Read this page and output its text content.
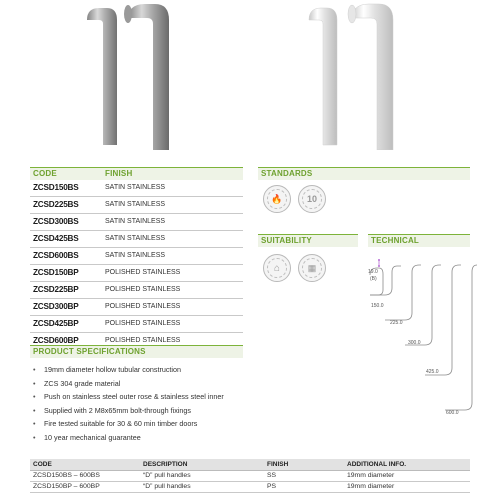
CODE	FINISH
ZCSD150BS	SATIN STAINLESS
ZCSD225BS	SATIN STAINLESS
ZCSD300BS	SATIN STAINLESS
ZCSD425BS	SATIN STAINLESS
ZCSD600BS	SATIN STAINLESS
ZCSD150BP	POLISHED STAINLESS
ZCSD225BP	POLISHED STAINLESS
ZCSD300BP	POLISHED STAINLESS
ZCSD425BP	POLISHED STAINLESS
ZCSD600BP	POLISHED STAINLESS
STANDARDS
🔥	10
SUITABILITY
⌂	▦
TECHNICAL
19.0
(B)
150.0
225.0
300.0
425.0
600.0
PRODUCT SPECIFICATIONS
• 19mm diameter hollow tubular construction
• ZCS 304 grade material
• Push on stainless steel outer rose & stainless steel inner
• Supplied with 2 M8x65mm bolt-through fixings
• Fire tested suitable for 30 & 60 min timber doors
• 10 year mechanical guarantee
CODE	DESCRIPTION	FINISH	ADDITIONAL INFO.
ZCSD150BS – 600BS	“D” pull handles	SS	19mm diameter
ZCSD150BP – 600BP	“D” pull handles	PS	19mm diameter
